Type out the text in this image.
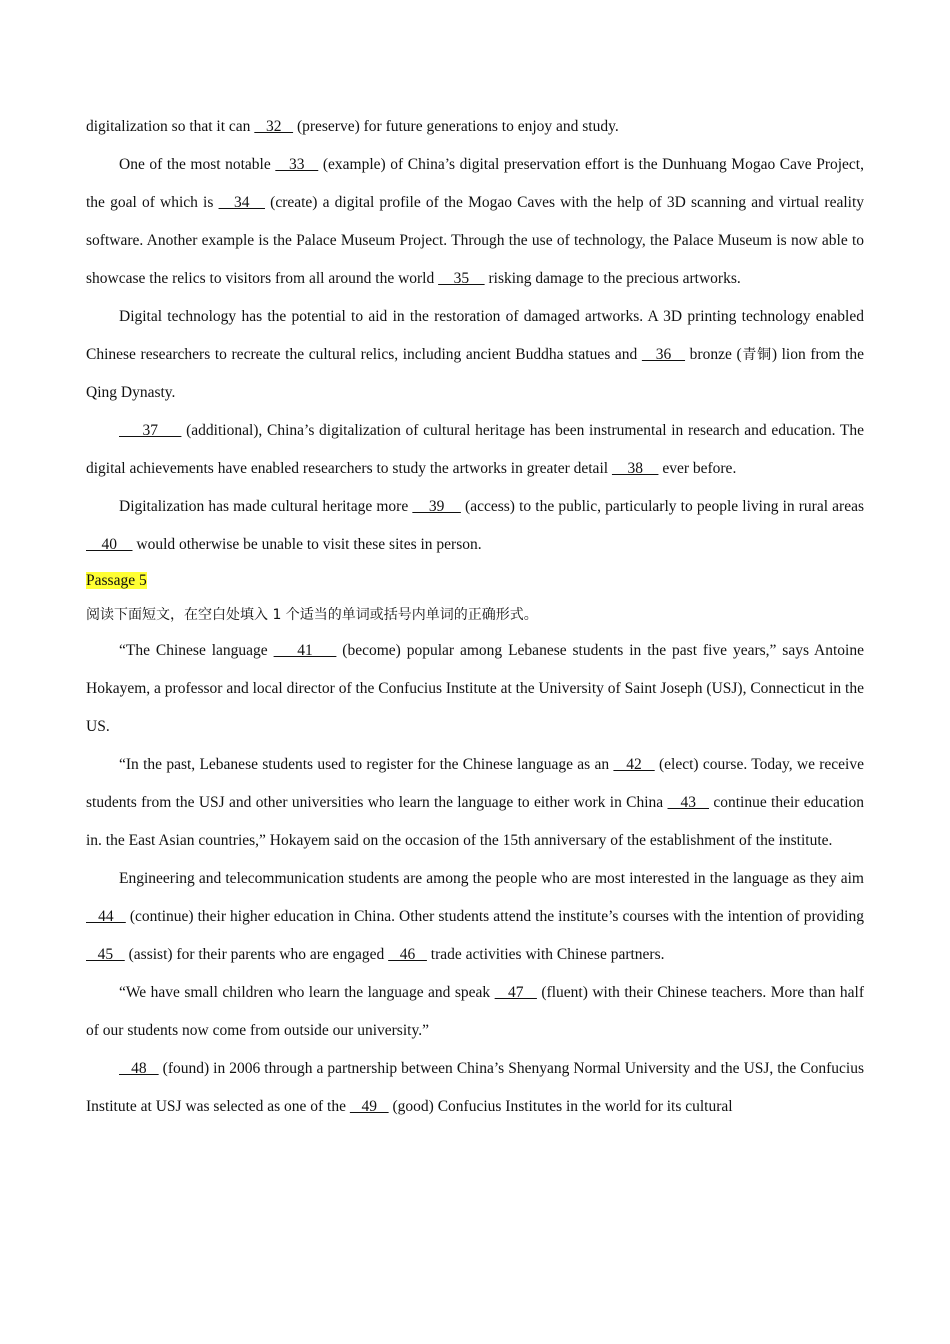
digitalization so that it can    32    (preserve) for future generations to enjoy and study.

One of the most notable    33    (example) of China’s digital preservation effort is the Dunhuang Mogao Cave Project, the goal of which is    34    (create) a digital profile of the Mogao Caves with the help of 3D scanning and virtual reality software. Another example is the Palace Museum Project. Through the use of technology, the Palace Museum is now able to showcase the relics to visitors from all around the world     35     risking damage to the precious artworks.

Digital technology has the potential to aid in the restoration of damaged artworks. A 3D printing technology enabled Chinese researchers to recreate the cultural relics, including ancient Buddha statues and    36    bronze (青铜) lion from the Qing Dynasty.

37      (additional), China’s digitalization of cultural heritage has been instrumental in research and education. The digital achievements have enabled researchers to study the artworks in greater detail     38     ever before.

Digitalization has made cultural heritage more     39     (access) to the public, particularly to people living in rural areas     40     would otherwise be unable to visit these sites in person.

Passage 5

阅读下面短文，在空白处填入 1 个适当的单词或括号内单词的正确形式。

“The Chinese language     41     (become) popular among Lebanese students in the past five years,” says Antoine Hokayem, a professor and local director of the Confucius Institute at the University of Saint Joseph (USJ), Connecticut in the US.

“In the past, Lebanese students used to register for the Chinese language as an    42    (elect) course. Today, we receive students from the USJ and other universities who learn the language to either work in China    43    continue their education in. the East Asian countries,” Hokayem said on the occasion of the 15th anniversary of the establishment of the institute.

Engineering and telecommunication students are among the people who are most interested in the language as they aim    44    (continue) their higher education in China. Other students attend the institute’s courses with the intention of providing    45    (assist) for their parents who are engaged    46    trade activities with Chinese partners.

“We have small children who learn the language and speak    47    (fluent) with their Chinese teachers. More than half of our students now come from outside our university.”

48    (found) in 2006 through a partnership between China’s Shenyang Normal University and the USJ, the Confucius Institute at USJ was selected as one of the    49    (good) Confucius Institutes in the world for its cultural
